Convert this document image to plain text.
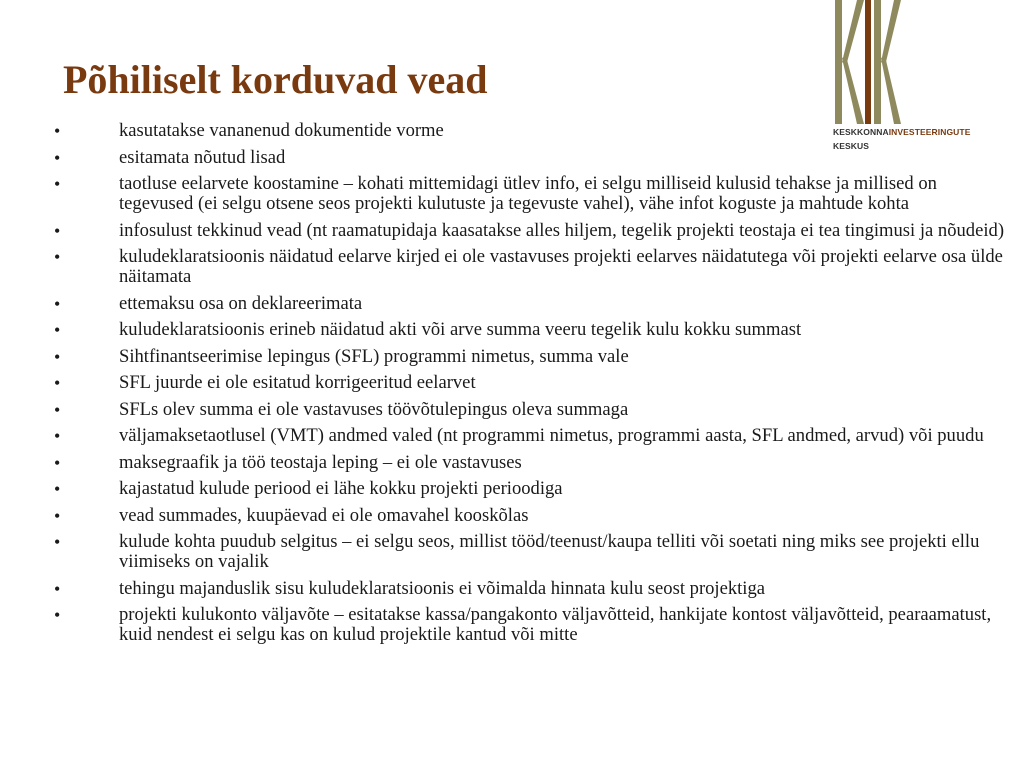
Põhiliselt korduvad vead
KESKKONNAINVESTEERINGUTE
KESKUS
•	kasutatakse vananenud dokumentide vorme
•	esitamata nõutud lisad
•	taotluse eelarvete koostamine – kohati mittemidagi ütlev info, ei selgu milliseid kulusid tehakse ja millised on tegevused (ei selgu otsene seos projekti kulutuste ja tegevuste vahel), vähe infot koguste ja mahtude kohta
•	infosulust tekkinud vead (nt raamatupidaja kaasatakse alles hiljem, tegelik projekti teostaja ei tea tingimusi ja nõudeid)
•	kuludeklaratsioonis näidatud eelarve kirjed ei ole vastavuses projekti eelarves näidatutega või projekti eelarve osa ülde näitamata
•	ettemaksu osa on deklareerimata
•	kuludeklaratsioonis erineb näidatud akti või arve summa veeru tegelik kulu kokku summast
•	Sihtfinantseerimise lepingus (SFL) programmi nimetus, summa vale
•	SFL juurde ei ole esitatud korrigeeritud eelarvet
•	SFLs olev summa ei ole vastavuses töövõtulepingus oleva summaga
•	väljamaksetaotlusel (VMT) andmed valed (nt programmi nimetus, programmi aasta, SFL andmed, arvud) või puudu
•	maksegraafik ja töö teostaja leping – ei ole vastavuses
•	kajastatud kulude periood ei lähe kokku projekti perioodiga
•	vead summades, kuupäevad ei ole omavahel kooskõlas
•	kulude kohta puudub selgitus – ei selgu seos, millist tööd/teenust/kaupa telliti või soetati ning miks see projekti ellu viimiseks on vajalik
•	tehingu majanduslik sisu kuludeklaratsioonis ei võimalda hinnata kulu seost projektiga
•	projekti kulukonto väljavõte – esitatakse kassa/pangakonto väljavõtteid, hankijate kontost väljavõtteid, pearaamatust, kuid nendest ei selgu kas on kulud projektile kantud või mitte
